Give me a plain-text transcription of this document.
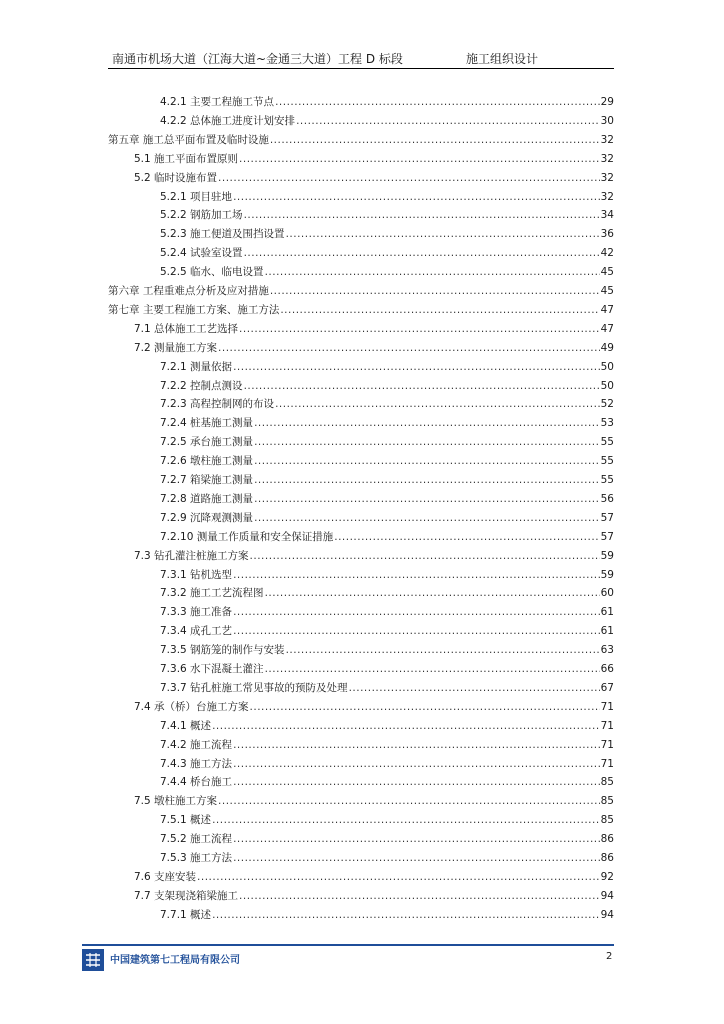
南通市机场大道（江海大道~金通三大道）工程 D 标段	施工组织设计
4.2.1 主要工程施工节点 .....	29
4.2.2 总体施工进度计划安排 .....	30
第五章 施工总平面布置及临时设施 .....	32
5.1 施工平面布置原则 .....	32
5.2 临时设施布置 .....	32
5.2.1 项目驻地 .....	32
5.2.2 钢筋加工场 .....	34
5.2.3 施工便道及围挡设置 .....	36
5.2.4 试验室设置 .....	42
5.2.5 临水、临电设置 .....	45
第六章 工程重难点分析及应对措施 .....	45
第七章 主要工程施工方案、施工方法 .....	47
7.1 总体施工工艺选择 .....	47
7.2 测量施工方案 .....	49
7.2.1 测量依据 .....	50
7.2.2 控制点测设 .....	50
7.2.3 高程控制网的布设 .....	52
7.2.4 桩基施工测量 .....	53
7.2.5 承台施工测量 .....	55
7.2.6 墩柱施工测量 .....	55
7.2.7 箱梁施工测量 .....	55
7.2.8 道路施工测量 .....	56
7.2.9 沉降观测测量 .....	57
7.2.10 测量工作质量和安全保证措施 .....	57
7.3 钻孔灌注桩施工方案 .....	59
7.3.1 钻机选型 .....	59
7.3.2 施工工艺流程图 .....	60
7.3.3 施工准备 .....	61
7.3.4 成孔工艺 .....	61
7.3.5 钢筋笼的制作与安装 .....	63
7.3.6 水下混凝土灌注 .....	66
7.3.7 钻孔桩施工常见事故的预防及处理 .....	67
7.4 承（桥）台施工方案 .....	71
7.4.1 概述 .....	71
7.4.2 施工流程 .....	71
7.4.3 施工方法 .....	71
7.4.4 桥台施工 .....	85
7.5 墩柱施工方案 .....	85
7.5.1 概述 .....	85
7.5.2 施工流程 .....	86
7.5.3 施工方法 .....	86
7.6 支座安装 .....	92
7.7 支架现浇箱梁施工 .....	94
7.7.1 概述 .....	94
中国建筑第七工程局有限公司	2
